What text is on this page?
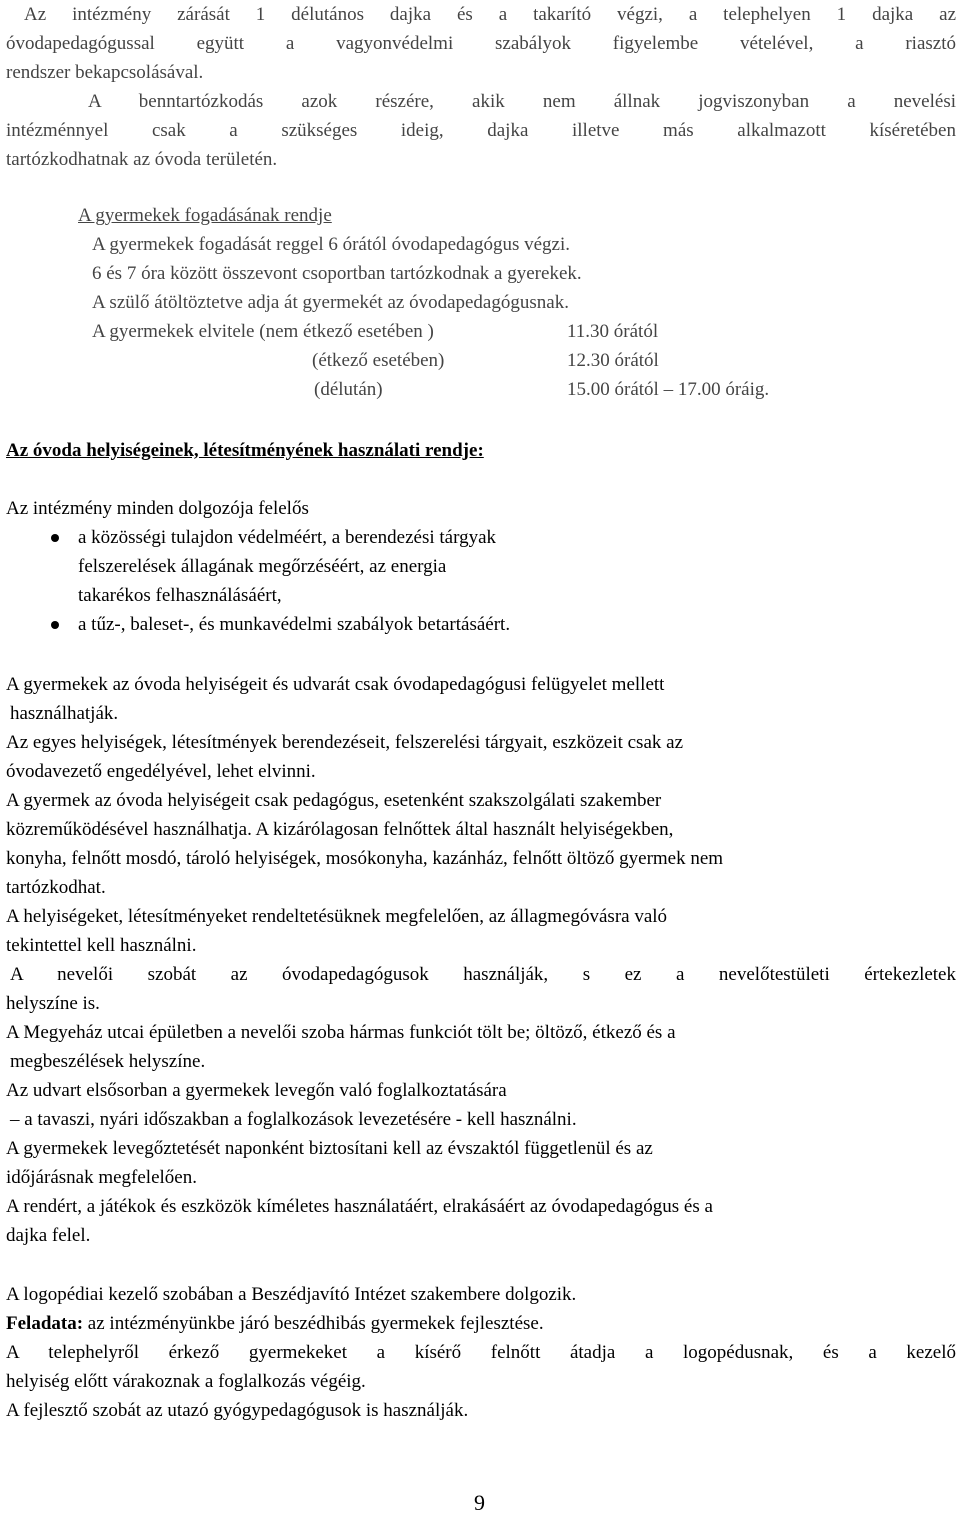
Az intézmény zárását 1 délutános dajka és a takarító végzi, a telephelyen 1 dajka az
óvodapedagógussal együtt a vagyonvédelmi szabályok figyelembe vételével, a riasztó
rendszer bekapcsolásával.
A benntartózkodás azok részére, akik nem állnak jogviszonyban a nevelési
intézménnyel csak a szükséges ideig, dajka illetve más alkalmazott kíséretében
tartózkodhatnak az óvoda területén.
A gyermekek fogadásának rendje
A gyermekek fogadását reggel 6 órától óvodapedagógus végzi.
6 és 7 óra között összevont csoportban tartózkodnak a gyerekek.
A szülő átöltöztetve adja át gyermekét az óvodapedagógusnak.
A gyermekek elvitele (nem étkező esetében )	11.30 órától
(étkező esetében)	12.30 órától
(délután)	15.00 órától – 17.00 óráig.
Az óvoda helyiségeinek, létesítményének használati rendje:
Az intézmény minden dolgozója felelős
a közösségi tulajdon védelméért, a berendezési tárgyak
felszerelések állagának megőrzéséért, az energia
takarékos felhasználásáért,
a tűz-, baleset-, és munkavédelmi szabályok betartásáért.
A gyermekek az óvoda helyiségeit és udvarát csak óvodapedagógusi felügyelet mellett
használhatják.
Az egyes helyiségek, létesítmények berendezéseit, felszerelési tárgyait, eszközeit csak az
óvodavezető engedélyével, lehet elvinni.
A gyermek az óvoda helyiségeit csak pedagógus, esetenként szakszolgálati szakember
közreműködésével használhatja. A kizárólagosan felnőttek által használt helyiségekben,
konyha, felnőtt mosdó, tároló helyiségek, mosókonyha, kazánház, felnőtt öltöző gyermek nem
tartózkodhat.
A helyiségeket, létesítményeket rendeltetésüknek megfelelően, az állagmegóvásra való
tekintettel kell használni.
A nevelői szobát az óvodapedagógusok használják, s ez a nevelőtestületi értekezletek
helyszíne is.
A Megyeház utcai épületben a nevelői szoba hármas funkciót tölt be; öltöző, étkező és a
megbeszélések helyszíne.
Az udvart elsősorban a gyermekek levegőn való foglalkoztatására
– a tavaszi, nyári időszakban a foglalkozások levezetésére - kell használni.
A gyermekek levegőztetését naponként biztosítani kell az évszaktól függetlenül és az
időjárásnak megfelelően.
A rendért, a játékok és eszközök kíméletes használatáért, elrakásáért az óvodapedagógus és a
dajka felel.
A logopédiai kezelő szobában a Beszédjavító Intézet szakembere dolgozik.
Feladata: az intézményünkbe járó beszédhibás gyermekek fejlesztése.
A telephelyről érkező gyermekeket a kísérő felnőtt átadja a logopédusnak, és a kezelő
helyiség előtt várakoznak a foglalkozás végéig.
A fejlesztő szobát az utazó gyógypedagógusok is használják.
9
